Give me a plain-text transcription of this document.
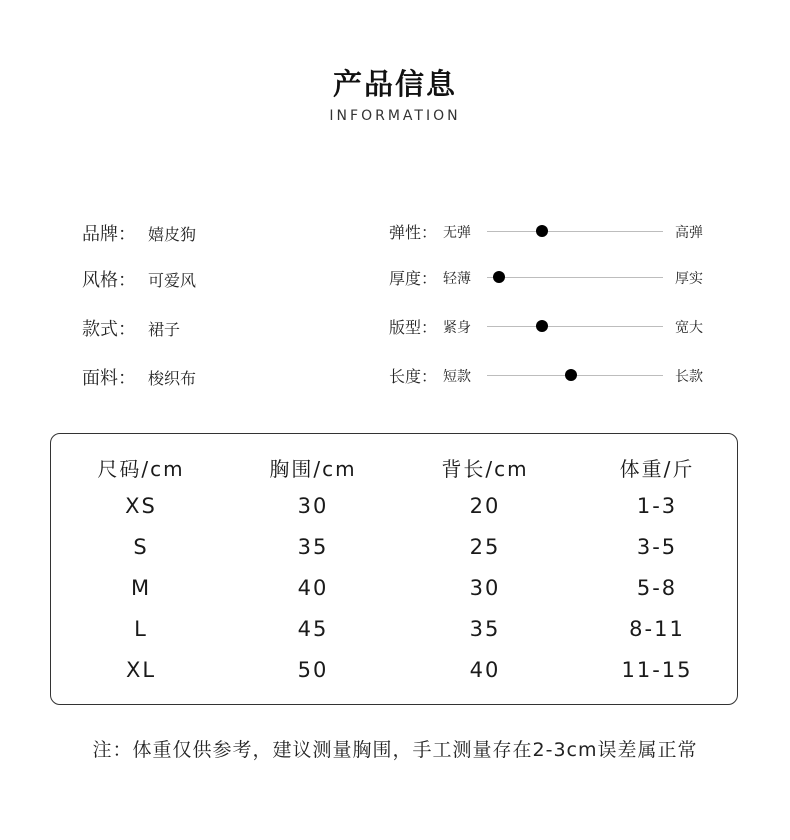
产品信息
INFORMATION
品牌： 嬉皮狗	弹性： 无弹	高弹
风格： 可爱风	厚度： 轻薄	厚实
款式： 裙子	版型： 紧身	宽大
面料： 梭织布	长度： 短款	长款
尺码/cm	胸围/cm	背长/cm	体重/斤
XS	30	20	1-3
S	35	25	3-5
M	40	30	5-8
L	45	35	8-11
XL	50	40	11-15
注：体重仅供参考，建议测量胸围，手工测量存在2-3cm误差属正常
